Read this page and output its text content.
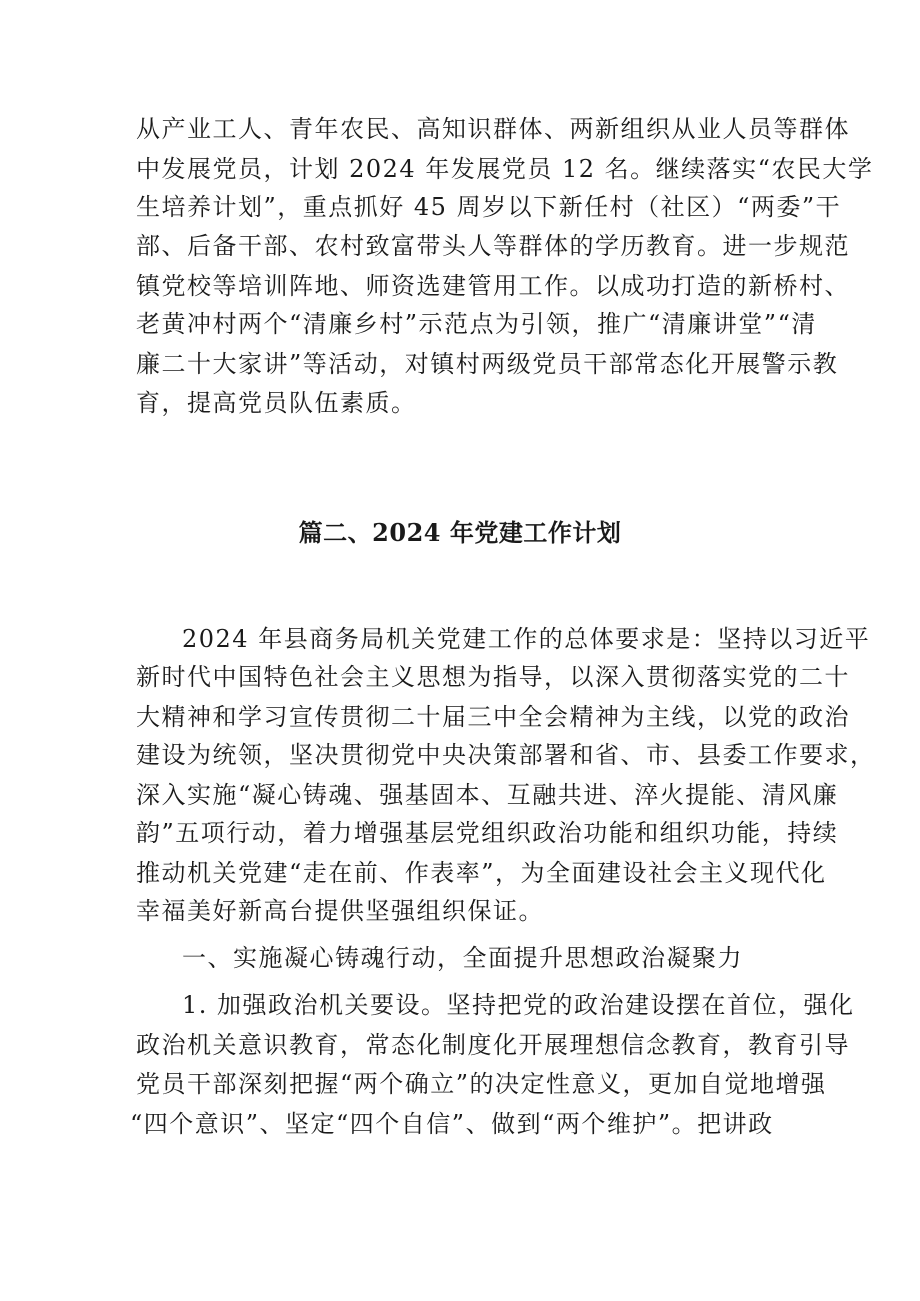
从产业工人、青年农民、高知识群体、两新组织从业人员等群体
中发展党员，计划 2024 年发展党员 12 名。继续落实“农民大学
生培养计划”，重点抓好 45 周岁以下新任村（社区）“两委”干
部、后备干部、农村致富带头人等群体的学历教育。进一步规范
镇党校等培训阵地、师资选建管用工作。以成功打造的新桥村、
老黄冲村两个“清廉乡村”示范点为引领，推广“清廉讲堂”“清
廉二十大家讲”等活动，对镇村两级党员干部常态化开展警示教
育，提高党员队伍素质。
篇二、2024 年党建工作计划
2024 年县商务局机关党建工作的总体要求是：坚持以习近平
新时代中国特色社会主义思想为指导，以深入贯彻落实党的二十
大精神和学习宣传贯彻二十届三中全会精神为主线，以党的政治
建设为统领，坚决贯彻党中央决策部署和省、市、县委工作要求，
深入实施“凝心铸魂、强基固本、互融共进、淬火提能、清风廉
韵”五项行动，着力增强基层党组织政治功能和组织功能，持续
推动机关党建“走在前、作表率”，为全面建设社会主义现代化
幸福美好新高台提供坚强组织保证。
一、实施凝心铸魂行动，全面提升思想政治凝聚力
1. 加强政治机关要设。坚持把党的政治建设摆在首位，强化
政治机关意识教育，常态化制度化开展理想信念教育，教育引导
党员干部深刻把握“两个确立”的决定性意义，更加自觉地增强
“四个意识”、坚定“四个自信”、做到“两个维护”。把讲政
